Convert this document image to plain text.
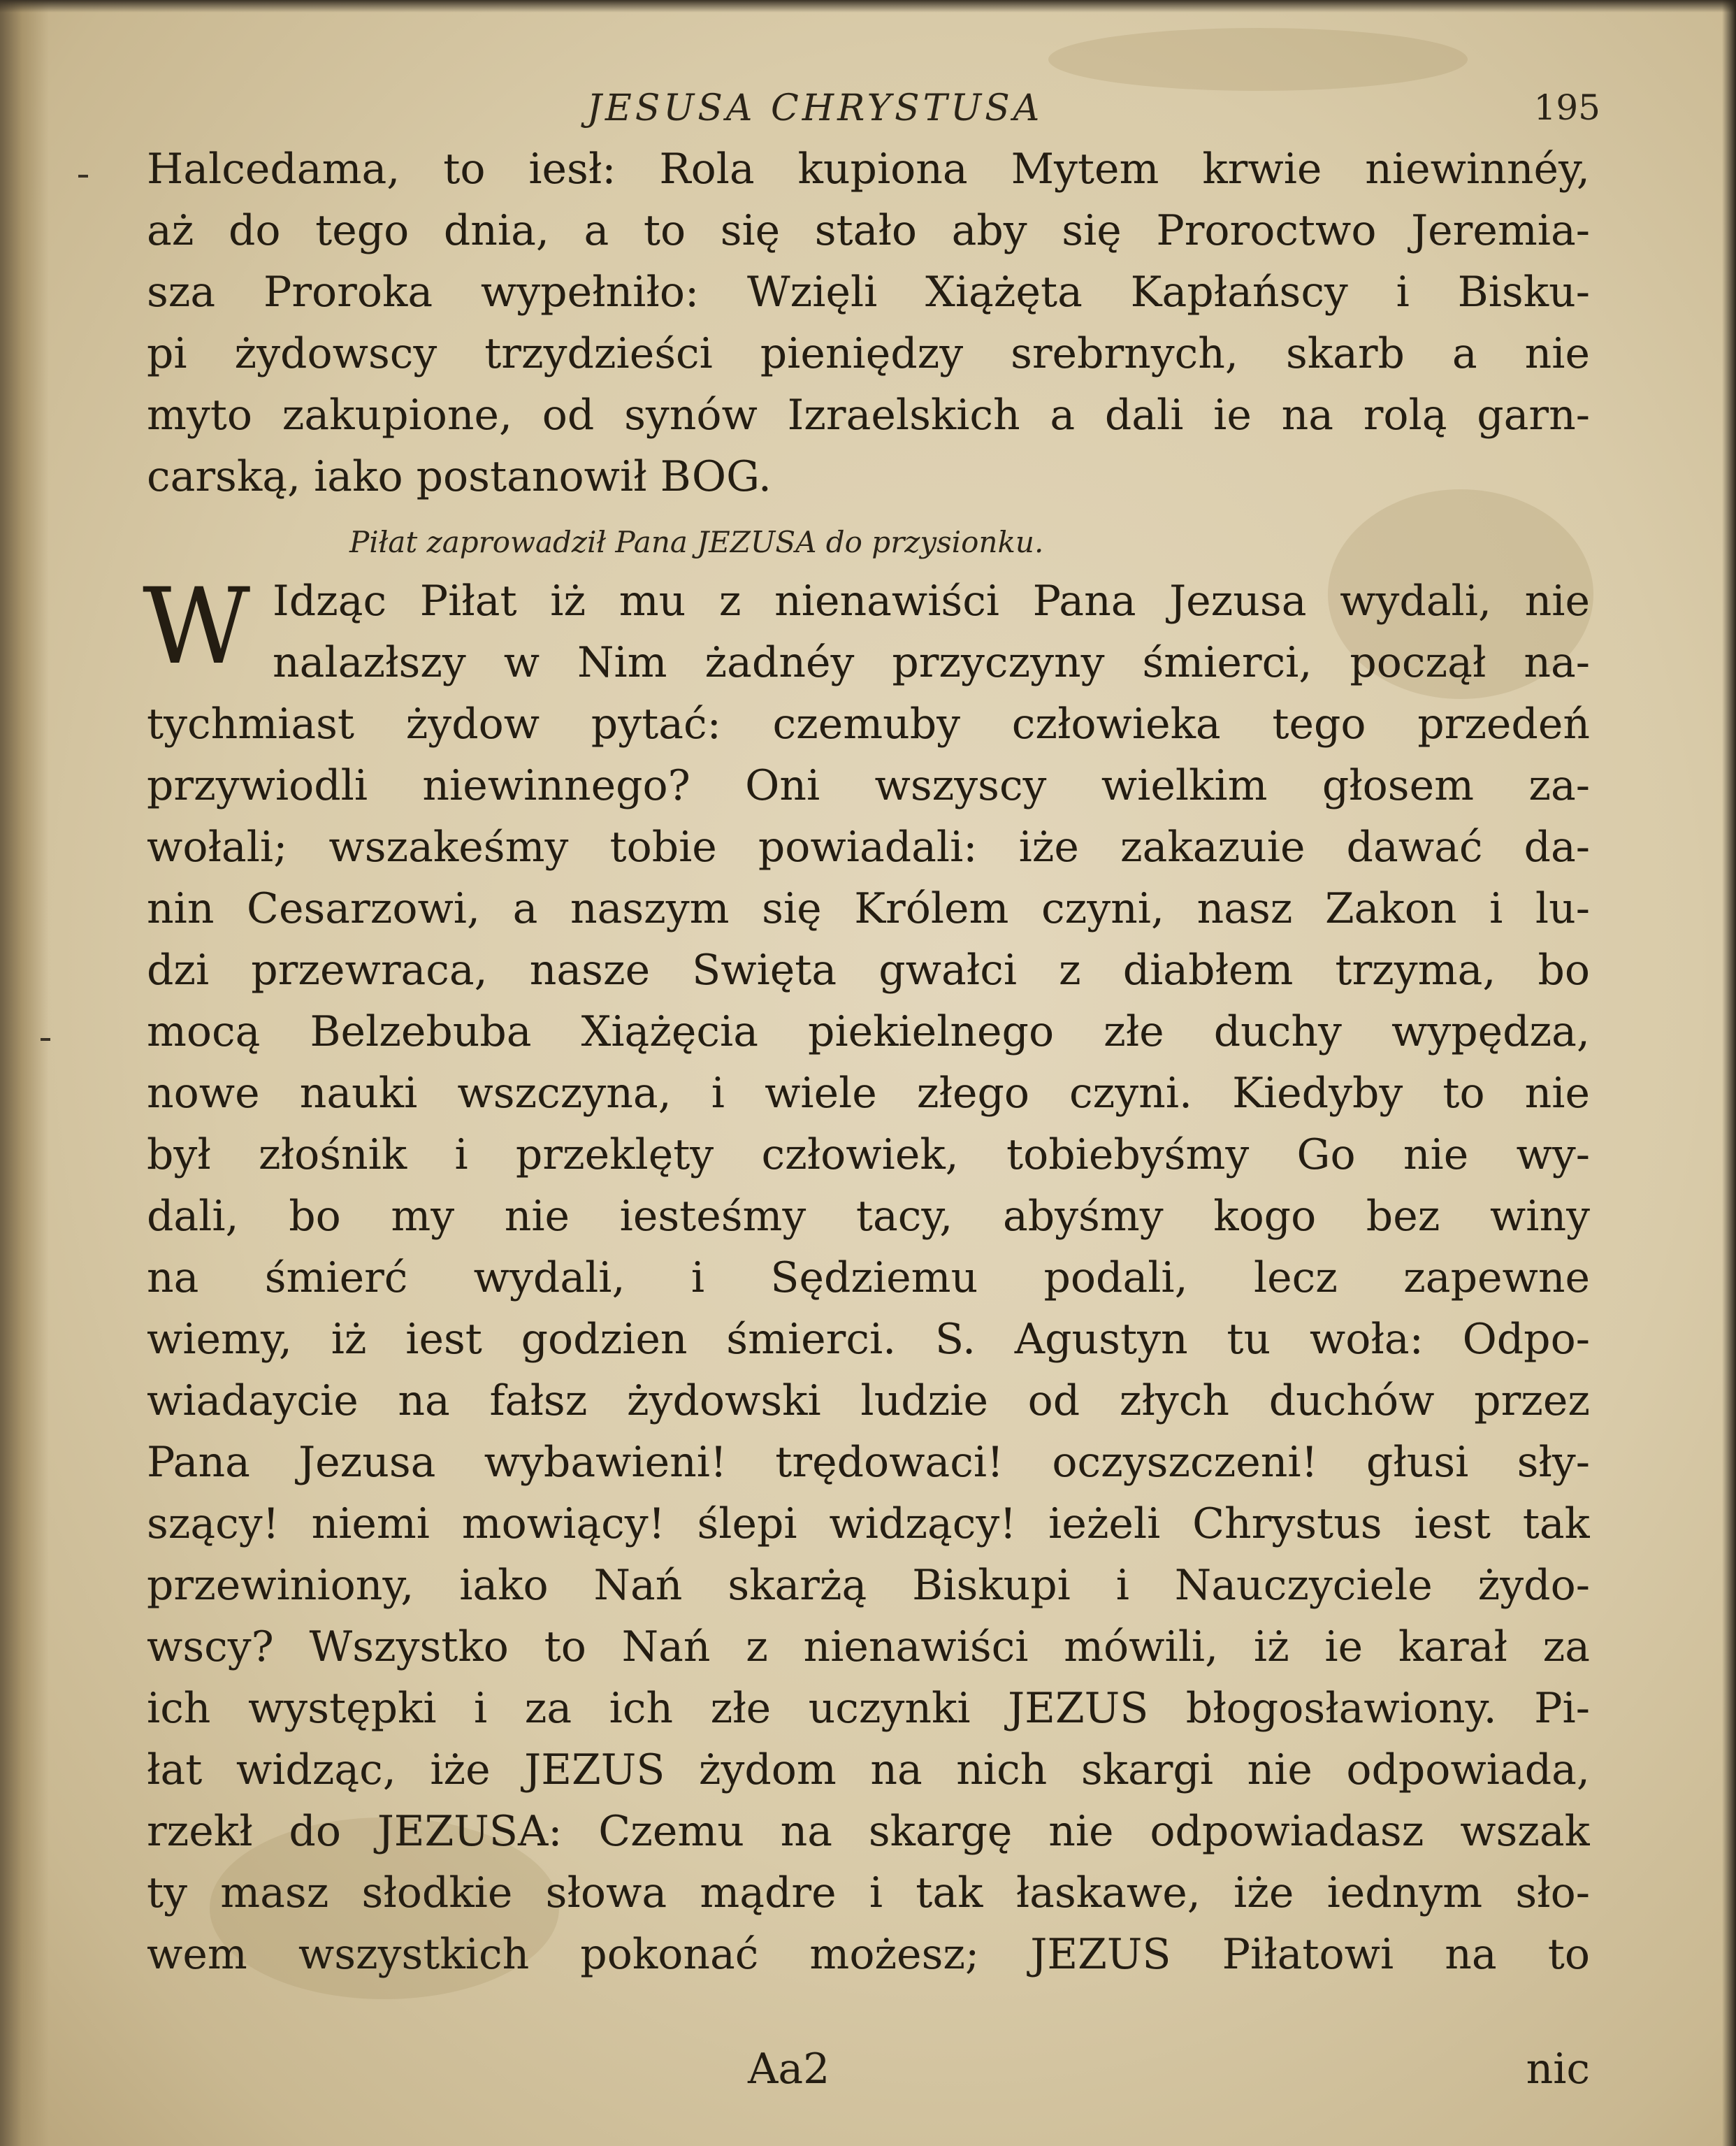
JESUSA CHRYSTUSA	195
Halcedama, to iesł: Rola kupiona Mytem krwie niewinnéy,
aż do tego dnia, a to się stało aby się Proroctwo Jeremia-
sza Proroka wypełniło: Wzięli Xiążęta Kapłańscy i Bisku-
pi żydowscy trzydzieści pieniędzy srebrnych, skarb a nie
myto zakupione, od synów Izraelskich a dali ie na rolą garn-
carską, iako postanowił BOG.
Piłat zaprowadził Pana JEZUSA do przysionku.
W Idząc Piłat iż mu z nienawiści Pana Jezusa wydali, nie
nalazłszy w Nim żadnéy przyczyny śmierci, począł na-
tychmiast żydow pytać: czemuby człowieka tego przedeń
przywiodli niewinnego? Oni wszyscy wielkim głosem za-
wołali; wszakeśmy tobie powiadali: iże zakazuie dawać da-
nin Cesarzowi, a naszym się Królem czyni, nasz Zakon i lu-
dzi przewraca, nasze Swięta gwałci z diabłem trzyma, bo
mocą Belzebuba Xiążęcia piekielnego złe duchy wypędza,
nowe nauki wszczyna, i wiele złego czyni. Kiedyby to nie
był złośnik i przeklęty człowiek, tobiebyśmy Go nie wy-
dali, bo my nie iesteśmy tacy, abyśmy kogo bez winy
na śmierć wydali, i Sędziemu podali, lecz zapewne
wiemy, iż iest godzien śmierci. S. Agustyn tu woła: Odpo-
wiadaycie na fałsz żydowski ludzie od złych duchów przez
Pana Jezusa wybawieni! trędowaci! oczyszczeni! głusi sły-
szący! niemi mowiący! ślepi widzący! ieżeli Chrystus iest tak
przewiniony, iako Nań skarżą Biskupi i Nauczyciele żydo-
wscy? Wszystko to Nań z nienawiści mówili, iż ie karał za
ich występki i za ich złe uczynki JEZUS błogosławiony. Pi-
łat widząc, iże JEZUS żydom na nich skargi nie odpowiada,
rzekł do JEZUSA: Czemu na skargę nie odpowiadasz wszak
ty masz słodkie słowa mądre i tak łaskawe, iże iednym sło-
wem wszystkich pokonać możesz; JEZUS Piłatowi na to
Aa2	nic
